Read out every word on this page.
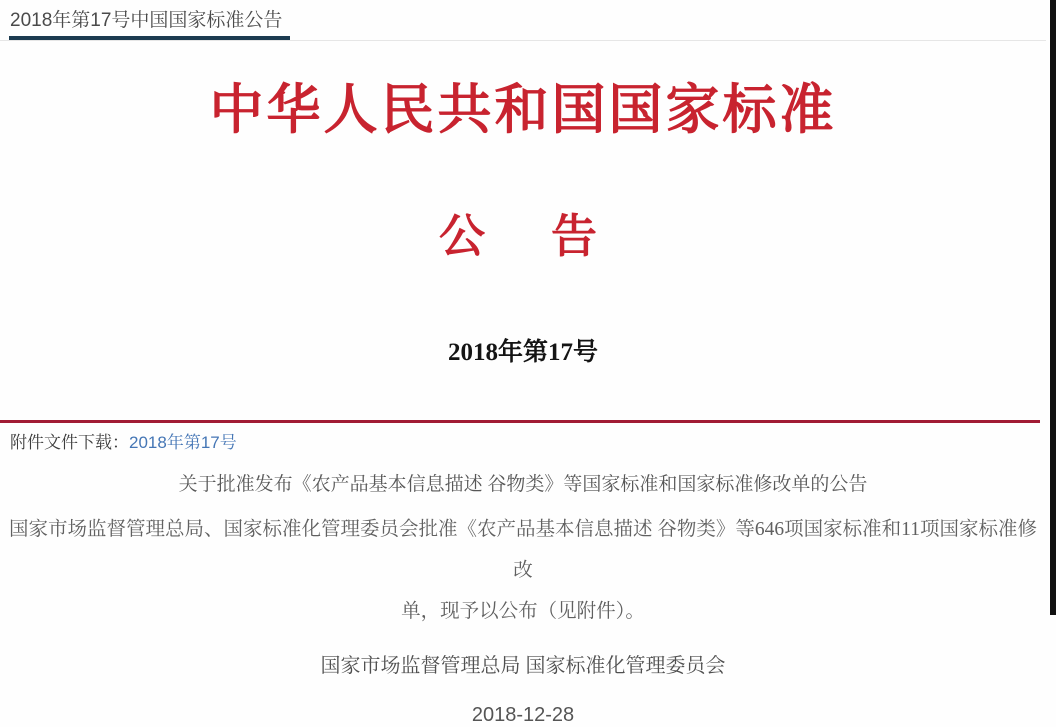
2018年第17号中国国家标准公告
中华人民共和国国家标准
公　告
2018年第17号
附件文件下载：2018年第17号
关于批准发布《农产品基本信息描述 谷物类》等国家标准和国家标准修改单的公告
国家市场监督管理总局、国家标准化管理委员会批准《农产品基本信息描述 谷物类》等646项国家标准和11项国家标准修改
单，现予以公布（见附件）。
国家市场监督管理总局 国家标准化管理委员会
2018-12-28
